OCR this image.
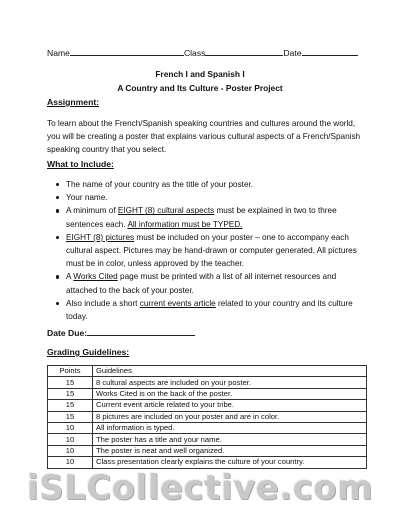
Name	Class	Date
French I and Spanish I
A Country and Its Culture - Poster Project
Assignment:
To learn about the French/Spanish speaking countries and cultures around the world, you will be creating a poster that explains various cultural aspects of a French/Spanish speaking country that you select.
What to Include:
The name of your country as the title of your poster.
Your name.
A minimum of EIGHT (8) cultural aspects must be explained in two to three sentences each. All information must be TYPED.
EIGHT (8) pictures must be included on your poster – one to accompany each cultural aspect. Pictures may be hand-drawn or computer generated. All pictures must be in color, unless approved by the teacher.
A Works Cited page must be printed with a list of all internet resources and attached to the back of your poster.
Also include a short current events article related to your country and its culture today.
Date Due:
Grading Guidelines:
Points	Guidelines
15	8 cultural aspects are included on your poster.
15	Works Cited is on the back of the poster.
15	Current event article related to your tribe.
15	8 pictures are included on your poster and are in color.
10	All information is typed.
10	The poster has a title and your name.
10	The poster is neat and well organized.
10	Class presentation clearly explains the culture of your country.
iSLCollective.com
